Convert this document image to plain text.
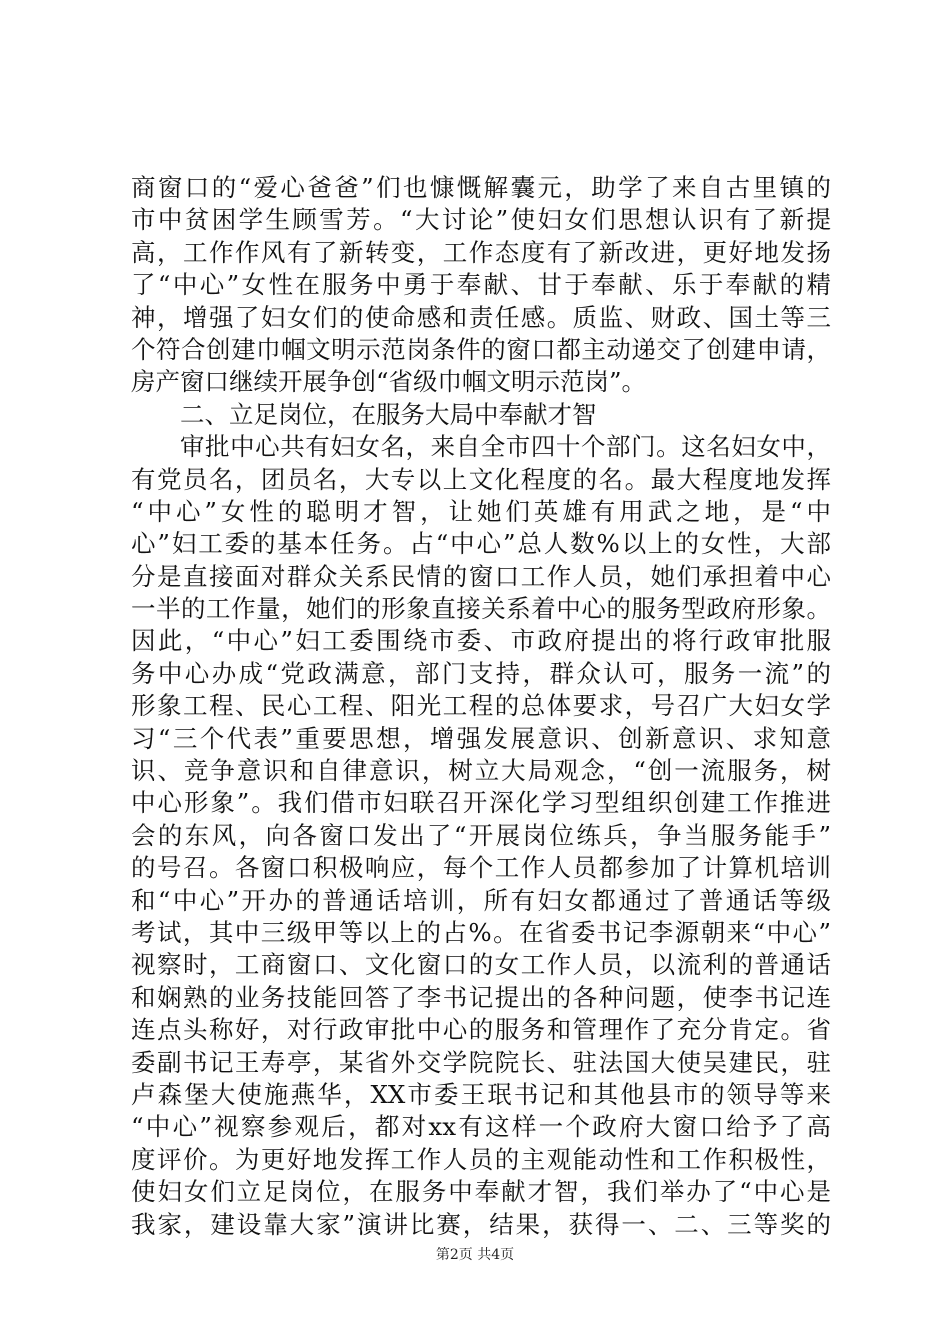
商窗口的“爱心爸爸”们也慷慨解囊元，助学了来自古里镇的
市中贫困学生顾雪芳。“大讨论”使妇女们思想认识有了新提
高，工作作风有了新转变，工作态度有了新改进，更好地发扬
了“中心”女性在服务中勇于奉献、甘于奉献、乐于奉献的精
神，增强了妇女们的使命感和责任感。质监、财政、国土等三
个符合创建巾帼文明示范岗条件的窗口都主动递交了创建申请，
房产窗口继续开展争创“省级巾帼文明示范岗”。
二、立足岗位，在服务大局中奉献才智
审批中心共有妇女名，来自全市四十个部门。这名妇女中，
有党员名，团员名，大专以上文化程度的名。最大程度地发挥
“中心”女性的聪明才智，让她们英雄有用武之地，是“中
心”妇工委的基本任务。占“中心”总人数%以上的女性，大部
分是直接面对群众关系民情的窗口工作人员，她们承担着中心
一半的工作量，她们的形象直接关系着中心的服务型政府形象。
因此，“中心”妇工委围绕市委、市政府提出的将行政审批服
务中心办成“党政满意，部门支持，群众认可，服务一流”的
形象工程、民心工程、阳光工程的总体要求，号召广大妇女学
习“三个代表”重要思想，增强发展意识、创新意识、求知意
识、竞争意识和自律意识，树立大局观念，“创一流服务，树
中心形象”。我们借市妇联召开深化学习型组织创建工作推进
会的东风，向各窗口发出了“开展岗位练兵，争当服务能手”
的号召。各窗口积极响应，每个工作人员都参加了计算机培训
和“中心”开办的普通话培训，所有妇女都通过了普通话等级
考试，其中三级甲等以上的占%。在省委书记李源朝来“中心”
视察时，工商窗口、文化窗口的女工作人员，以流利的普通话
和娴熟的业务技能回答了李书记提出的各种问题，使李书记连
连点头称好，对行政审批中心的服务和管理作了充分肯定。省
委副书记王寿亭，某省外交学院院长、驻法国大使吴建民，驻
卢森堡大使施燕华，XX市委王珉书记和其他县市的领导等来
“中心”视察参观后，都对xx有这样一个政府大窗口给予了高
度评价。为更好地发挥工作人员的主观能动性和工作积极性，
使妇女们立足岗位，在服务中奉献才智，我们举办了“中心是
我家，建设靠大家”演讲比赛，结果，获得一、二、三等奖的
第2页 共4页
